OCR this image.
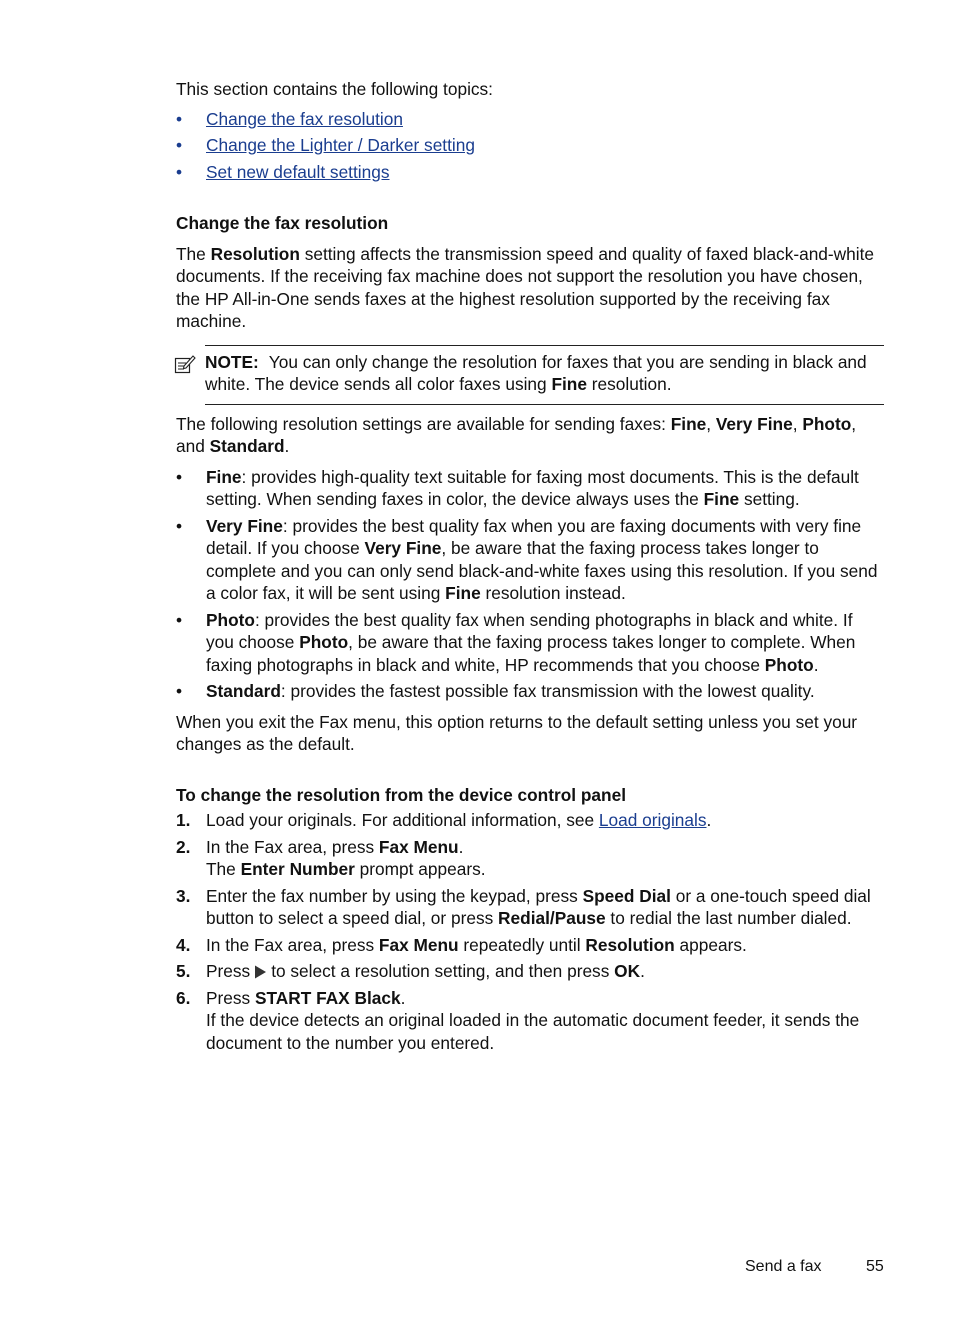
This section contains the following topics:

• Change the fax resolution
• Change the Lighter / Darker setting
• Set new default settings
Change the fax resolution

The Resolution setting affects the transmission speed and quality of faxed black-and-white documents. If the receiving fax machine does not support the resolution you have chosen, the HP All-in-One sends faxes at the highest resolution supported by the receiving fax machine.

NOTE: You can only change the resolution for faxes that you are sending in black and white. The device sends all color faxes using Fine resolution.

The following resolution settings are available for sending faxes: Fine, Very Fine, Photo, and Standard.

• Fine: provides high-quality text suitable for faxing most documents. This is the default setting. When sending faxes in color, the device always uses the Fine setting.
• Very Fine: provides the best quality fax when you are faxing documents with very fine detail. If you choose Very Fine, be aware that the faxing process takes longer to complete and you can only send black-and-white faxes using this resolution. If you send a color fax, it will be sent using Fine resolution instead.
• Photo: provides the best quality fax when sending photographs in black and white. If you choose Photo, be aware that the faxing process takes longer to complete. When faxing photographs in black and white, HP recommends that you choose Photo.
• Standard: provides the fastest possible fax transmission with the lowest quality.

When you exit the Fax menu, this option returns to the default setting unless you set your changes as the default.

To change the resolution from the device control panel
1. Load your originals. For additional information, see Load originals.
2. In the Fax area, press Fax Menu.
The Enter Number prompt appears.
3. Enter the fax number by using the keypad, press Speed Dial or a one-touch speed dial button to select a speed dial, or press Redial/Pause to redial the last number dialed.
4. In the Fax area, press Fax Menu repeatedly until Resolution appears.
5. Press to select a resolution setting, and then press OK.
6. Press START FAX Black.
If the device detects an original loaded in the automatic document feeder, it sends the document to the number you entered.
Send a fax	55
